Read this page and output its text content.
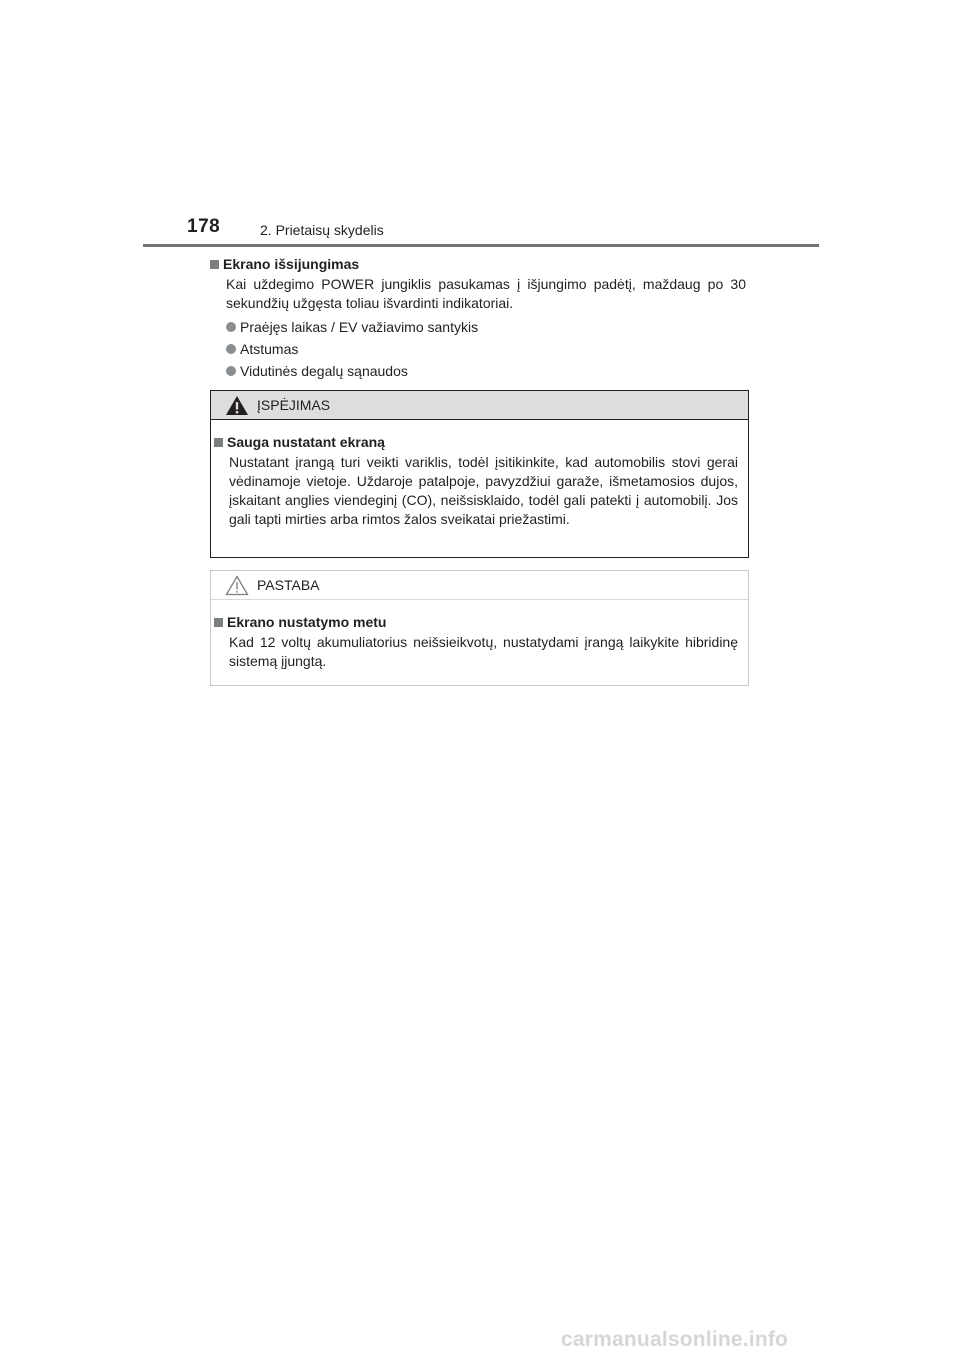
178	2. Prietaisų skydelis
Ekrano išsijungimas
Kai uždegimo POWER jungiklis pasukamas į išjungimo padėtį, maždaug po 30 sekundžių užgęsta toliau išvardinti indikatoriai.
Praėjęs laikas / EV važiavimo santykis
Atstumas
Vidutinės degalų sąnaudos
ĮSPĖJIMAS
Sauga nustatant ekraną
Nustatant įrangą turi veikti variklis, todėl įsitikinkite, kad automobilis stovi gerai vėdinamoje vietoje. Uždaroje patalpoje, pavyzdžiui garaže, išmetamosios dujos, įskaitant anglies viendeginį (CO), neišsisklaido, todėl gali patekti į automobilį. Jos gali tapti mirties arba rimtos žalos sveikatai priežastimi.
PASTABA
Ekrano nustatymo metu
Kad 12 voltų akumuliatorius neišsieikvotų, nustatydami įrangą laikykite hibridinę sistemą įjungtą.
carmanualsonline.info
